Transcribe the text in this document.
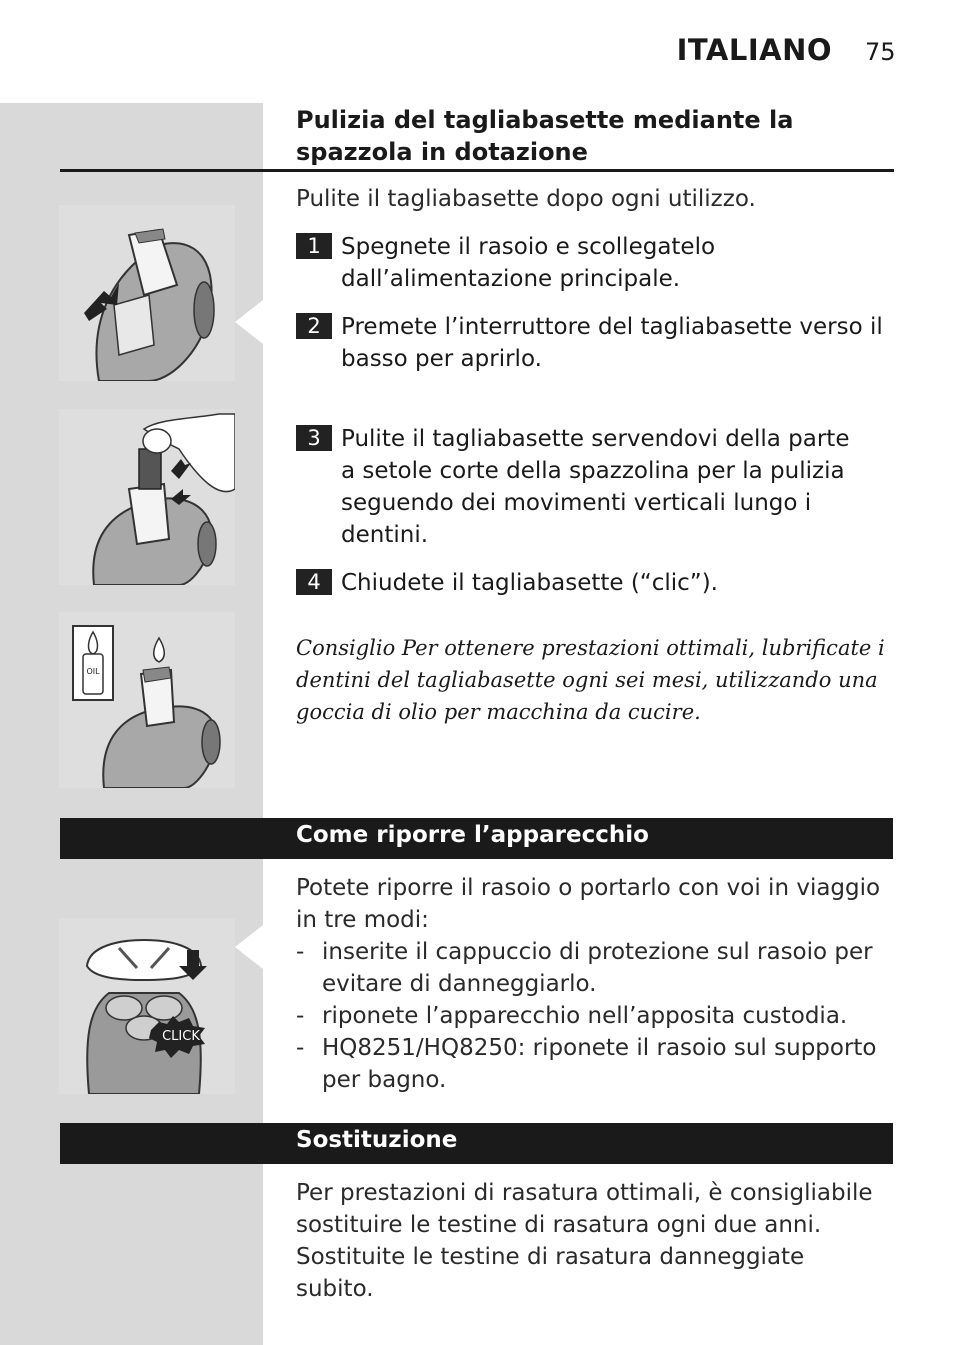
ITALIANO 75
Pulizia del tagliabasette mediante la spazzola in dotazione
Pulite il tagliabasette dopo ogni utilizzo.
1 Spegnete il rasoio e scollegatelo dall’alimentazione principale.
2 Premete l’interruttore del tagliabasette verso il basso per aprirlo.
3 Pulite il tagliabasette servendovi della parte a setole corte della spazzolina per la pulizia seguendo dei movimenti verticali lungo i dentini.
4 Chiudete il tagliabasette (“clic”).
Consiglio Per ottenere prestazioni ottimali, lubrificate i dentini del tagliabasette ogni sei mesi, utilizzando una goccia di olio per macchina da cucire.
OIL
Come riporre l’apparecchio
Potete riporre il rasoio o portarlo con voi in viaggio in tre modi:
- inserite il cappuccio di protezione sul rasoio per evitare di danneggiarlo.
- riponete l’apparecchio nell’apposita custodia.
- HQ8251/HQ8250: riponete il rasoio sul supporto per bagno.
CLICK
Sostituzione
Per prestazioni di rasatura ottimali, è consigliabile sostituire le testine di rasatura ogni due anni. Sostituite le testine di rasatura danneggiate subito.
